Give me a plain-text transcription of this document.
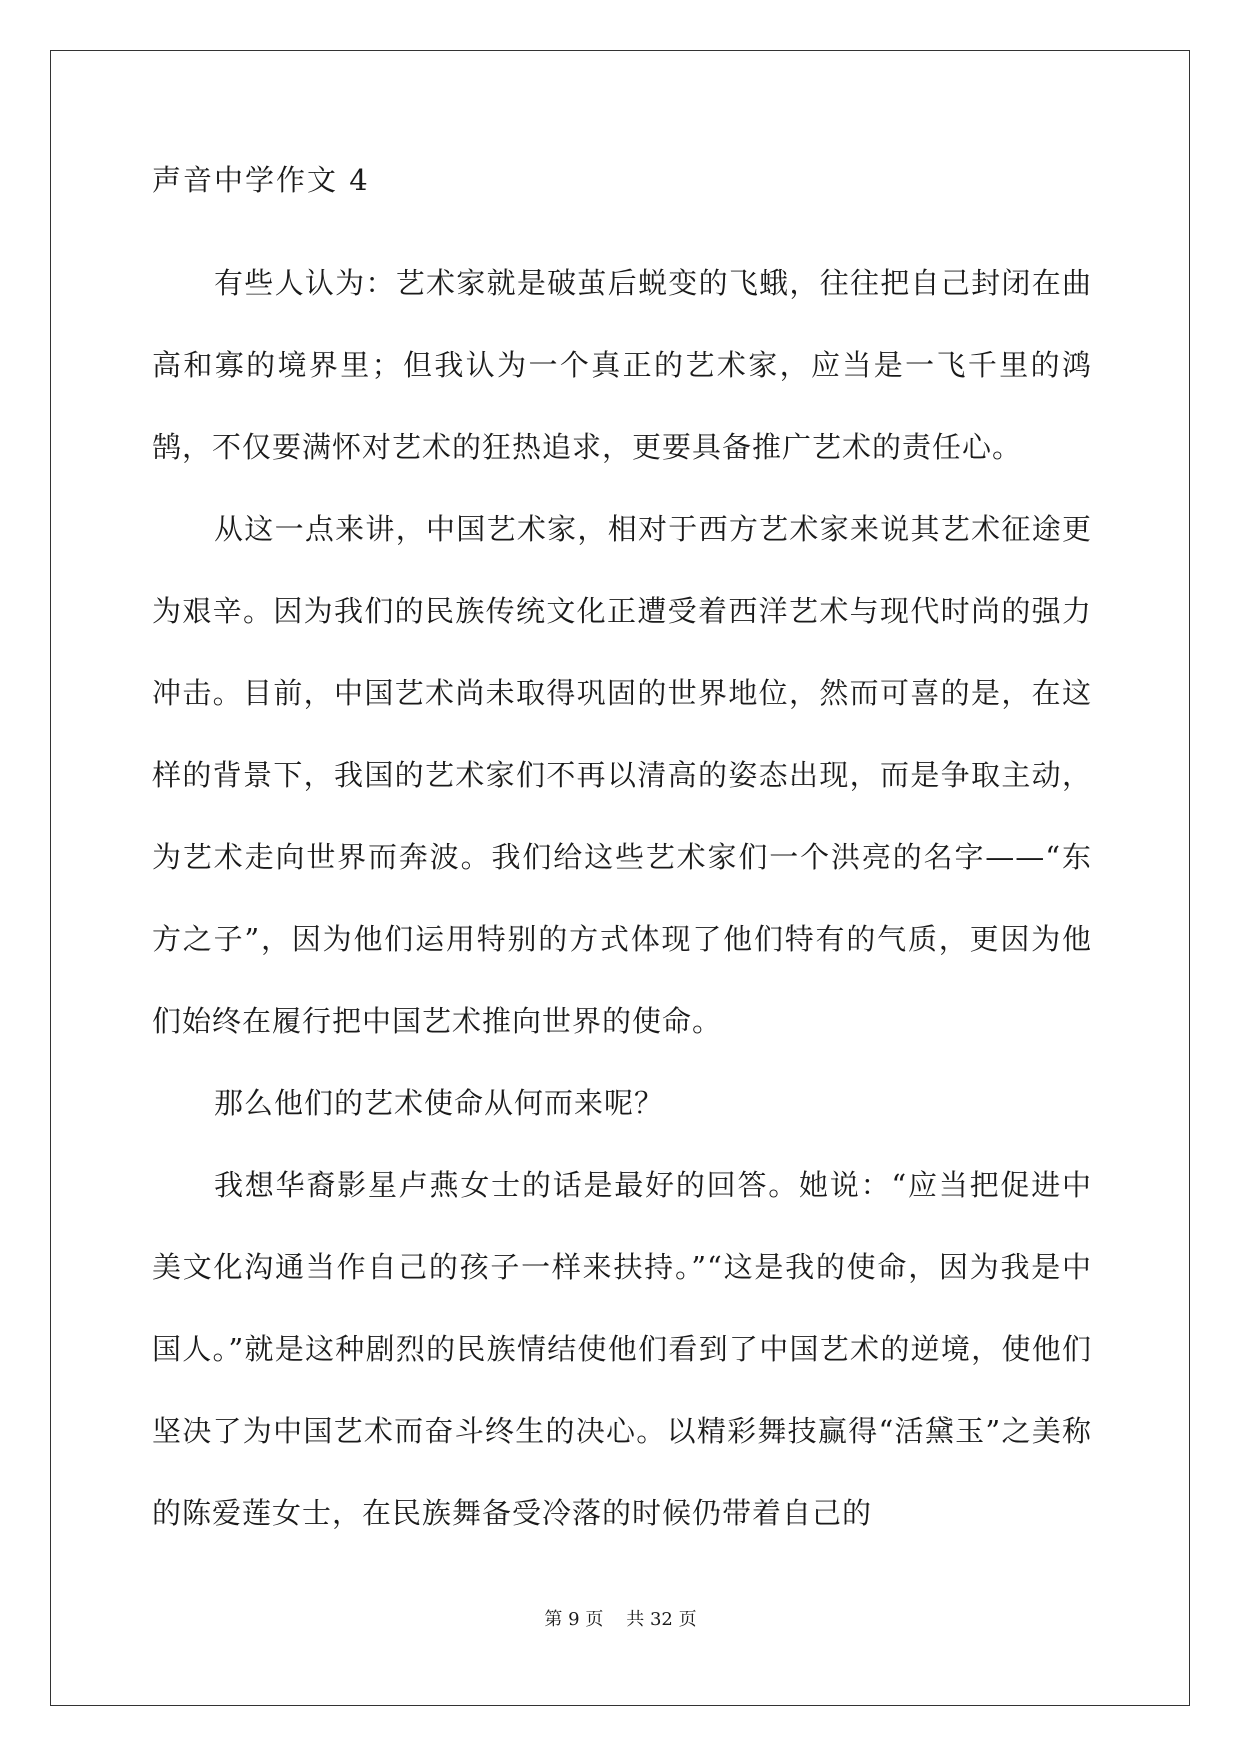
声音中学作文 4

有些人认为：艺术家就是破茧后蜕变的飞蛾，往往把自己封闭在曲高和寡的境界里；但我认为一个真正的艺术家，应当是一飞千里的鸿鹄，不仅要满怀对艺术的狂热追求，更要具备推广艺术的责任心。

从这一点来讲，中国艺术家，相对于西方艺术家来说其艺术征途更为艰辛。因为我们的民族传统文化正遭受着西洋艺术与现代时尚的强力冲击。目前，中国艺术尚未取得巩固的世界地位，然而可喜的是，在这样的背景下，我国的艺术家们不再以清高的姿态出现，而是争取主动，为艺术走向世界而奔波。我们给这些艺术家们一个洪亮的名字——“东方之子”，因为他们运用特别的方式体现了他们特有的气质，更因为他们始终在履行把中国艺术推向世界的使命。

那么他们的艺术使命从何而来呢？

我想华裔影星卢燕女士的话是最好的回答。她说：“应当把促进中美文化沟通当作自己的孩子一样来扶持。”“这是我的使命，因为我是中国人。”就是这种剧烈的民族情结使他们看到了中国艺术的逆境，使他们坚决了为中国艺术而奋斗终生的决心。以精彩舞技赢得“活黛玉”之美称的陈爱莲女士，在民族舞备受冷落的时候仍带着自己的

第 9 页 共 32 页
